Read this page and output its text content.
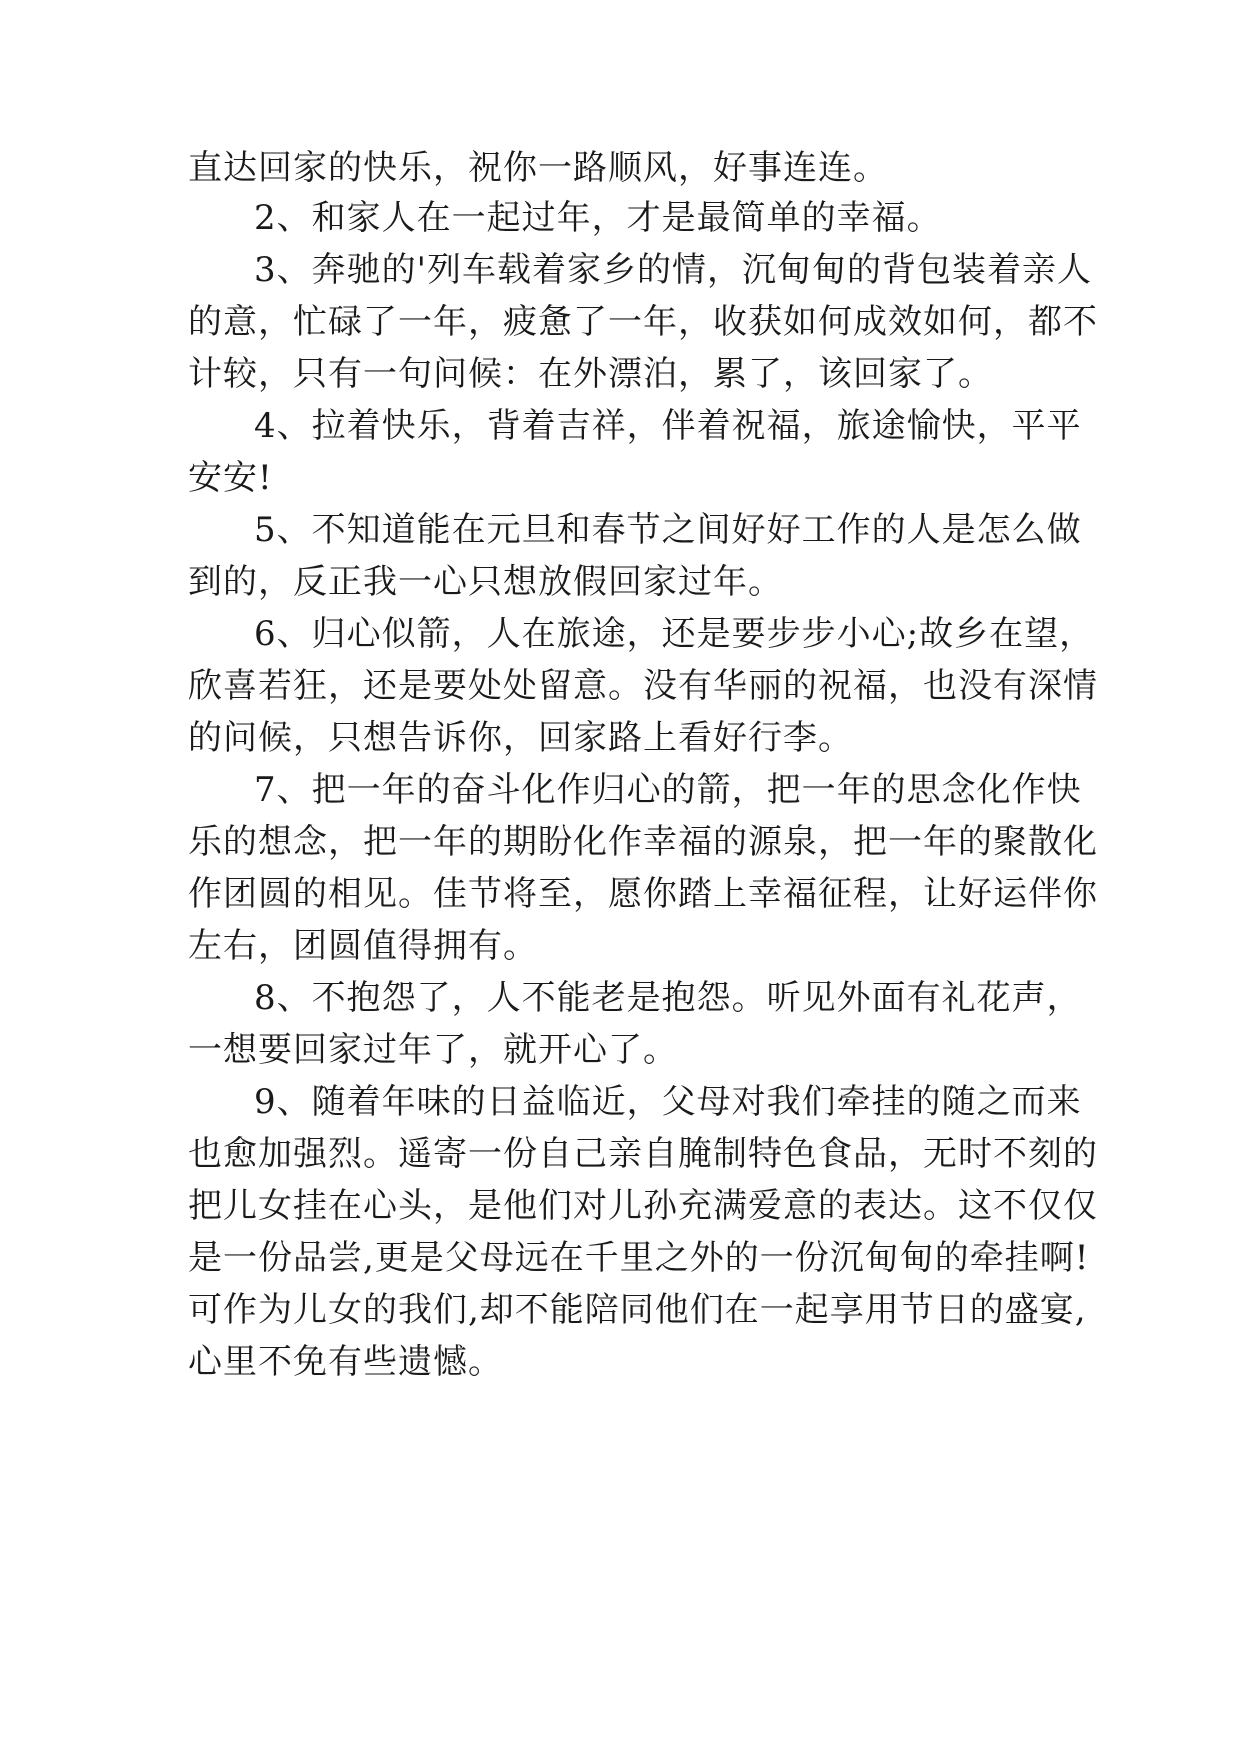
直达回家的快乐，祝你一路顺风，好事连连。
2、和家人在一起过年，才是最简单的幸福。
3、奔驰的'列车载着家乡的情，沉甸甸的背包装着亲人
的意，忙碌了一年，疲惫了一年，收获如何成效如何，都不
计较，只有一句问候：在外漂泊，累了，该回家了。
4、拉着快乐，背着吉祥，伴着祝福，旅途愉快，平平
安安!
5、不知道能在元旦和春节之间好好工作的人是怎么做
到的，反正我一心只想放假回家过年。
6、归心似箭，人在旅途，还是要步步小心;故乡在望，
欣喜若狂，还是要处处留意。没有华丽的祝福，也没有深情
的问候，只想告诉你，回家路上看好行李。
7、把一年的奋斗化作归心的箭，把一年的思念化作快
乐的想念，把一年的期盼化作幸福的源泉，把一年的聚散化
作团圆的相见。佳节将至，愿你踏上幸福征程，让好运伴你
左右，团圆值得拥有。
8、不抱怨了，人不能老是抱怨。听见外面有礼花声，
一想要回家过年了，就开心了。
9、随着年味的日益临近，父母对我们牵挂的随之而来
也愈加强烈。遥寄一份自己亲自腌制特色食品，无时不刻的
把儿女挂在心头，是他们对儿孙充满爱意的表达。这不仅仅
是一份品尝,更是父母远在千里之外的一份沉甸甸的牵挂啊!
可作为儿女的我们,却不能陪同他们在一起享用节日的盛宴,
心里不免有些遗憾。
